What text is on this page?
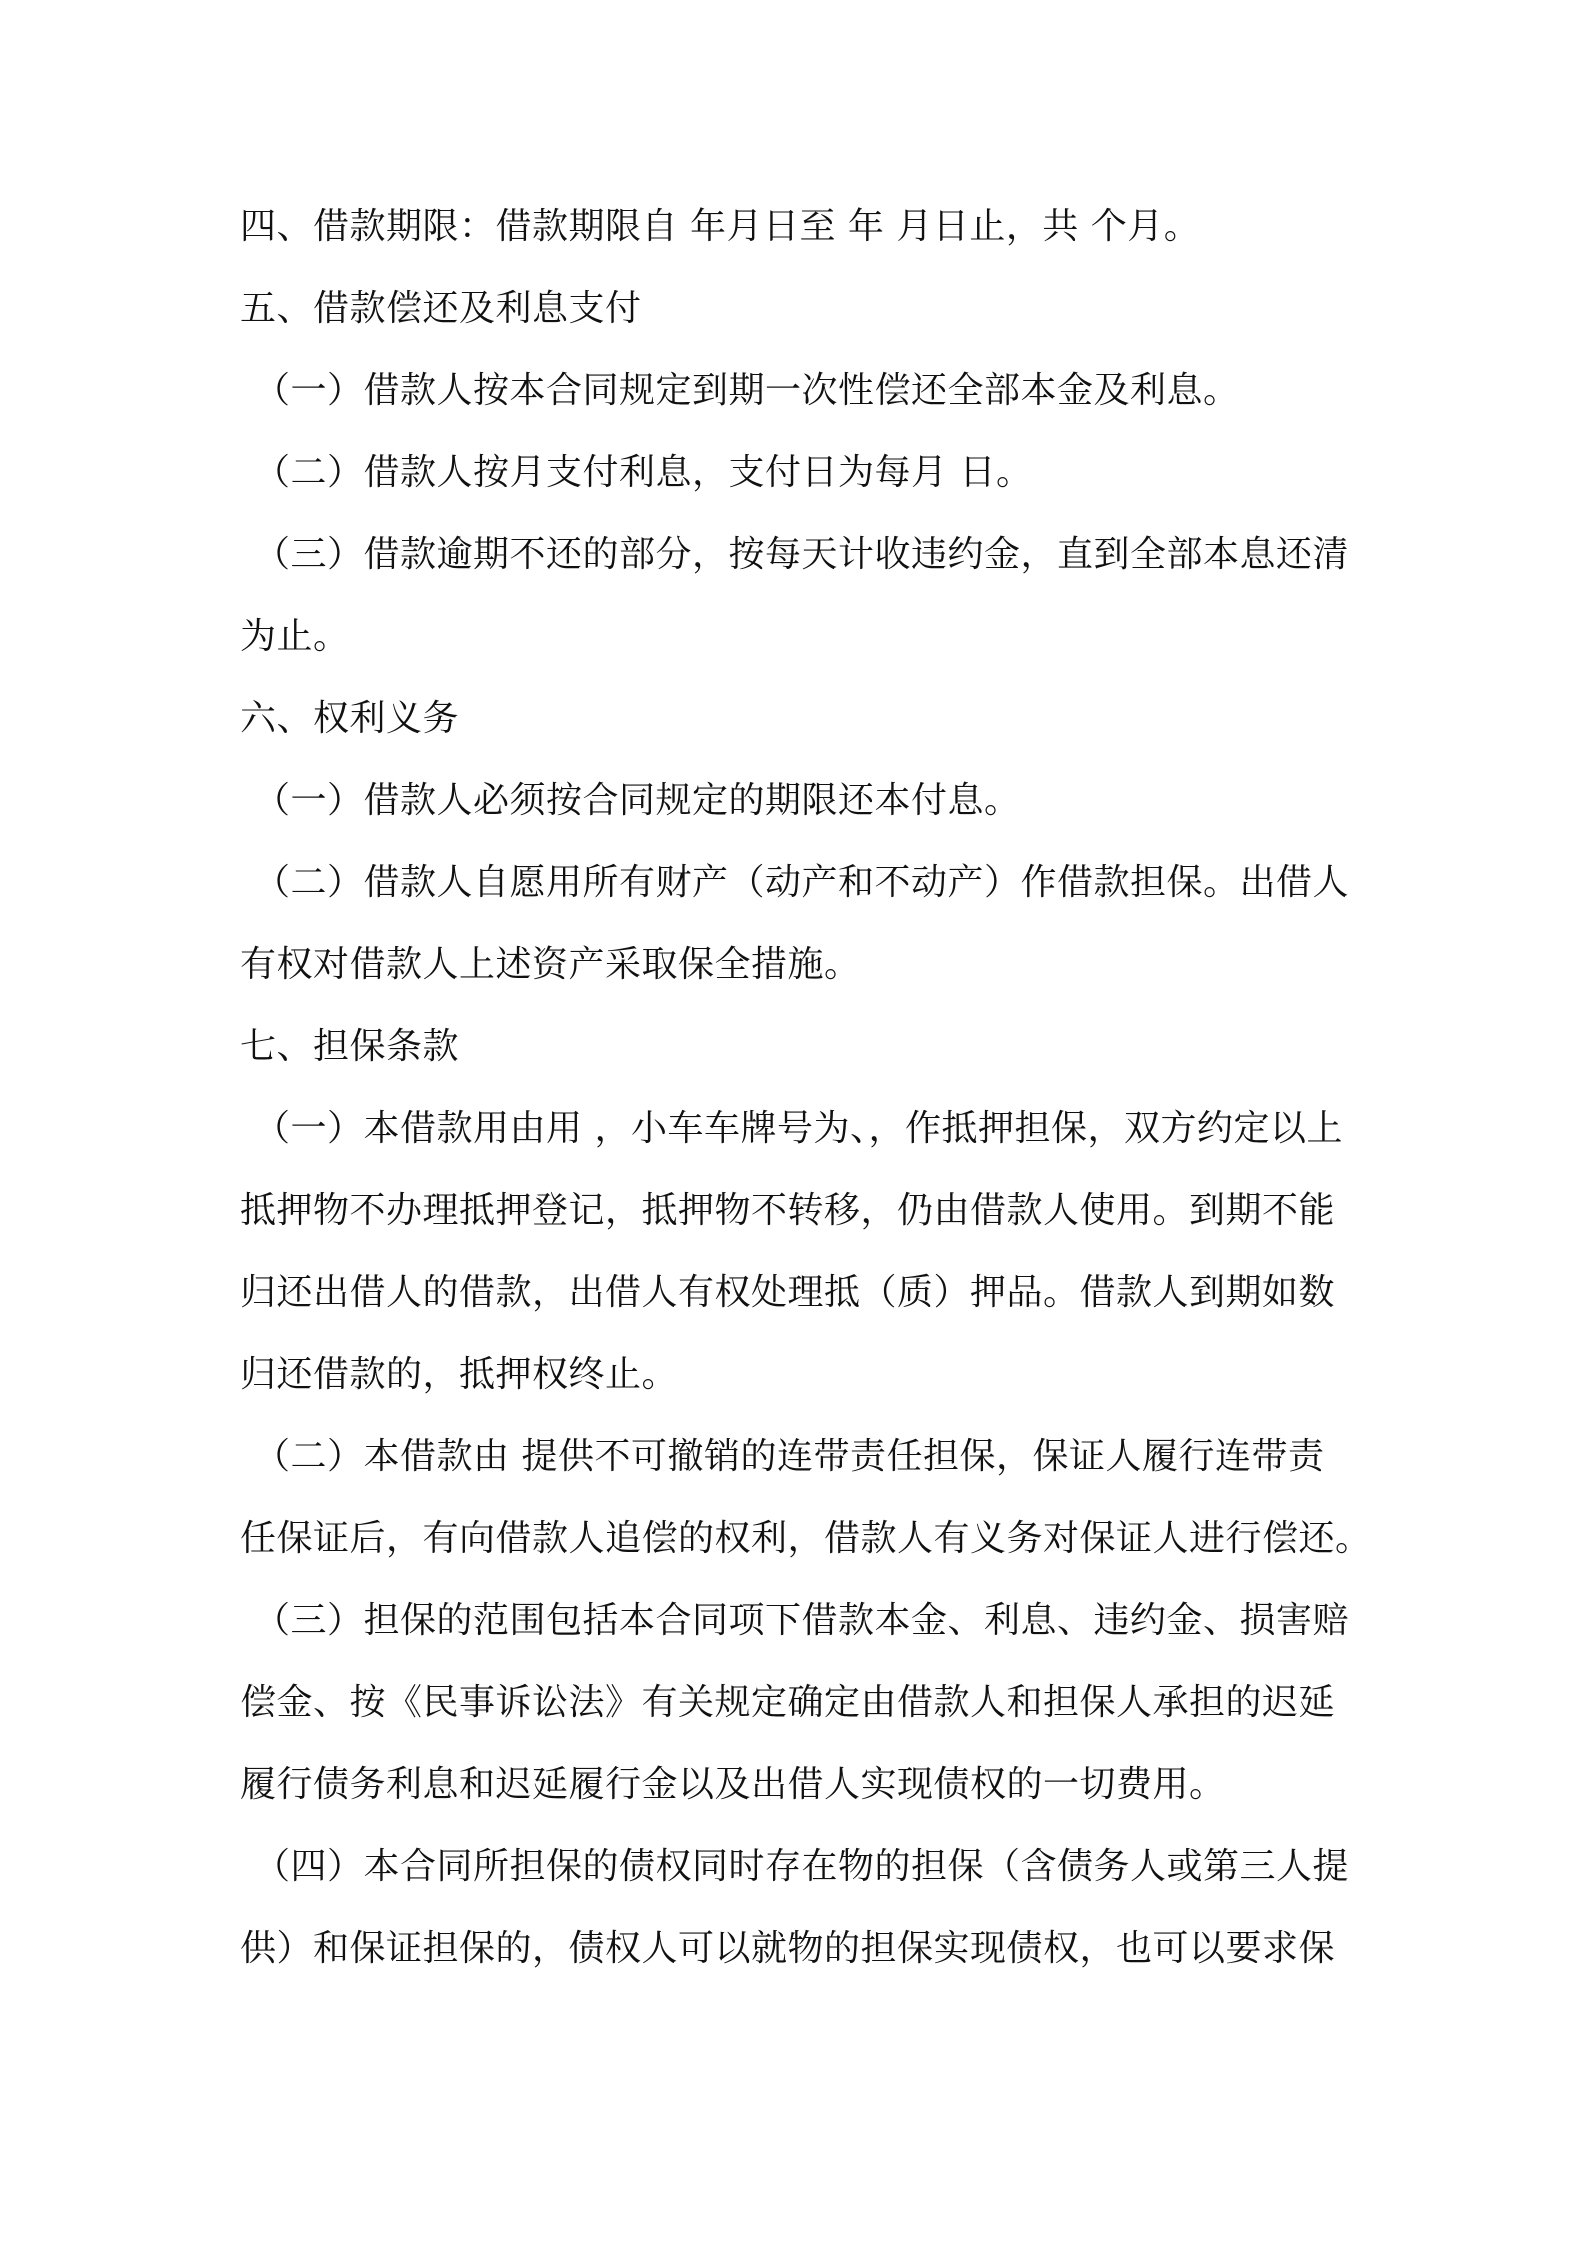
四、借款期限：借款期限自 年月日至 年 月日止，共 个月。
五、借款偿还及利息支付
（一）借款人按本合同规定到期一次性偿还全部本金及利息。
（二）借款人按月支付利息，支付日为每月 日。
（三）借款逾期不还的部分，按每天计收违约金，直到全部本息还清
为止。
六、权利义务
（一）借款人必须按合同规定的期限还本付息。
（二）借款人自愿用所有财产（动产和不动产）作借款担保。出借人
有权对借款人上述资产采取保全措施。
七、担保条款
（一）本借款用由用 ，小车车牌号为、，作抵押担保，双方约定以上
抵押物不办理抵押登记，抵押物不转移，仍由借款人使用。到期不能
归还出借人的借款，出借人有权处理抵（质）押品。借款人到期如数
归还借款的，抵押权终止。
（二）本借款由 提供不可撤销的连带责任担保，保证人履行连带责
任保证后，有向借款人追偿的权利，借款人有义务对保证人进行偿还。
（三）担保的范围包括本合同项下借款本金、利息、违约金、损害赔
偿金、按《民事诉讼法》有关规定确定由借款人和担保人承担的迟延
履行债务利息和迟延履行金以及出借人实现债权的一切费用。
（四）本合同所担保的债权同时存在物的担保（含债务人或第三人提
供）和保证担保的，债权人可以就物的担保实现债权，也可以要求保
